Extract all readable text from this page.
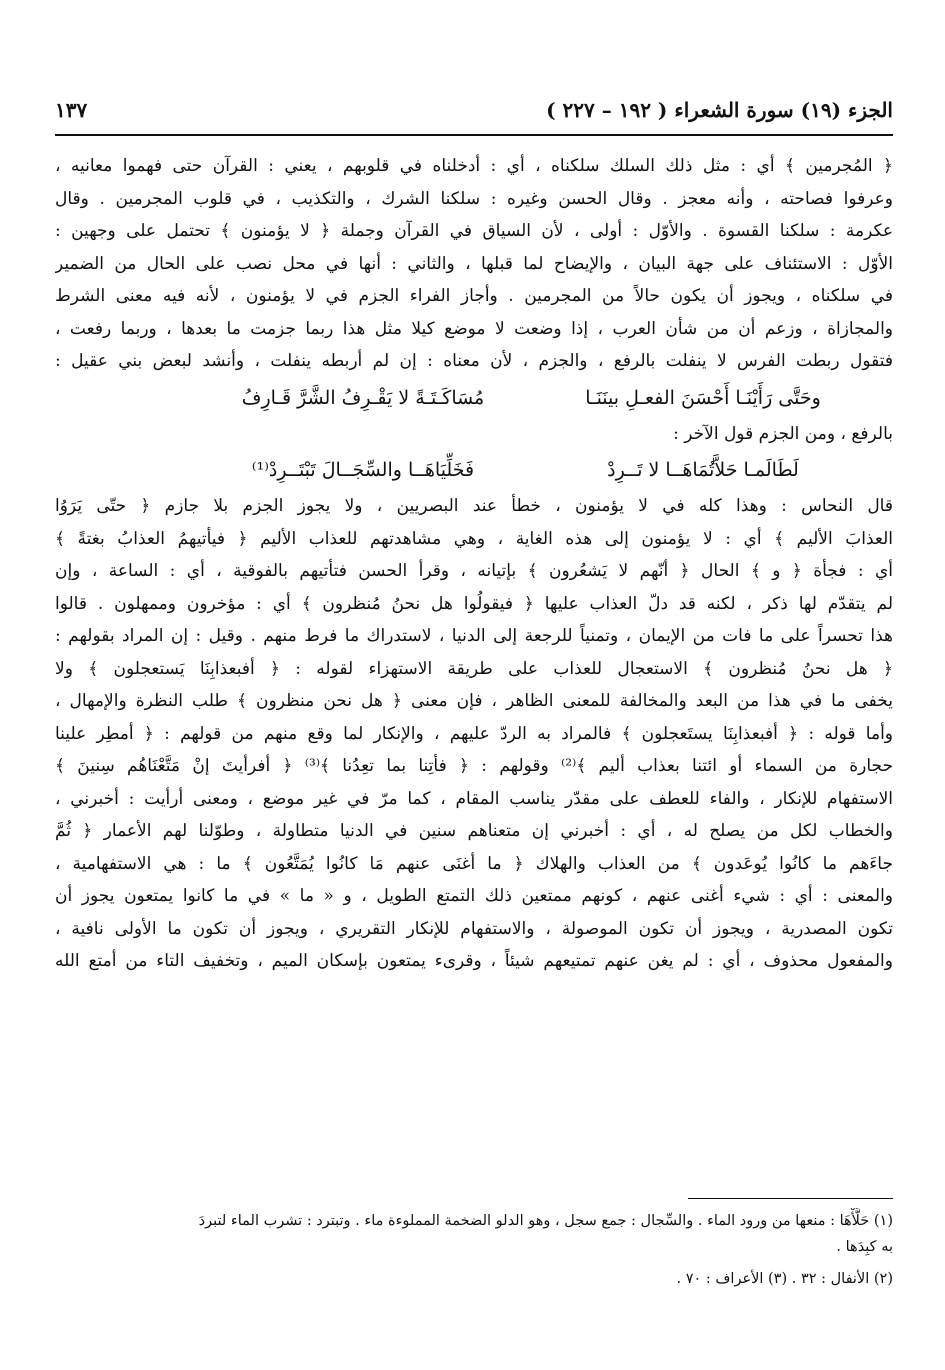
الجزء (١٩) سورة الشعراء ( ١٩٢ – ٢٢٧ )
١٣٧
﴿ المُجرمين ﴾ أي : مثل ذلك السلك سلكناه ، أي : أدخلناه في قلوبهم ، يعني : القرآن حتى فهموا معانيه ،
وعرفوا فصاحته ، وأنه معجز . وقال الحسن وغيره : سلكنا الشرك ، والتكذيب ، في قلوب المجرمين . وقال
عكرمة : سلكنا القسوة . والأوّل : أولى ، لأن السياق في القرآن وجملة ﴿ لا يؤمنون ﴾ تحتمل على وجهين :
الأوّل : الاستئناف على جهة البيان ، والإيضاح لما قبلها ، والثاني : أنها في محل نصب على الحال من الضمير
في سلكناه ، ويجوز أن يكون حالاً من المجرمين . وأجاز الفراء الجزم في لا يؤمنون ، لأنه فيه معنى الشرط
والمجازاة ، وزعم أن من شأن العرب ، إذا وضعت لا موضع كيلا مثل هذا ربما جزمت ما بعدها ، وربما رفعت ،
فتقول ربطت الفرس لا ينفلت بالرفع ، والجزم ، لأن معناه : إن لم أربطه ينفلت ، وأنشد لبعض بني عقيل :
وحَتَّى رَأَيْنَـا أَحْسَنَ الفعـلِ بينَنَـامُسَاكَـتَـةً لا يَقْـرِفُ الشَّرَّ قَـارِفُ
بالرفع ، ومن الجزم قول الآخر :
لَطَالَمـا حَلاَّتُمَاهَــا لا تَــرِدْفَخَلِّيَاهَــا والسِّجَــالَ تَبْتَــرِدْ⁽¹⁾
قال النحاس : وهذا كله في لا يؤمنون ، خطأ عند البصريين ، ولا يجوز الجزم بلا جازم ﴿ حتّى يَرَوُا
العذابَ الأليم ﴾ أي : لا يؤمنون إلى هذه الغاية ، وهي مشاهدتهم للعذاب الأليم ﴿ فيأتيهمُ العذابُ بغتةً ﴾
أي : فجأة ﴿ و ﴾ الحال ﴿ أنّهم لا يَشعُرون ﴾ بإتيانه ، وقرأ الحسن فتأتيهم بالفوقية ، أي : الساعة ، وإن
لم يتقدّم لها ذكر ، لكنه قد دلّ العذاب عليها ﴿ فيقولُوا هل نحنُ مُنظرون ﴾ أي : مؤخرون وممهلون . قالوا
هذا تحسراً على ما فات من الإيمان ، وتمنياً للرجعة إلى الدنيا ، لاستدراك ما فرط منهم . وقيل : إن المراد بقولهم :
﴿ هل نحنُ مُنظرون ﴾ الاستعجال للعذاب على طريقة الاستهزاء لقوله : ﴿ أفبعذابِنَا يَستعجلون ﴾ ولا
يخفى ما في هذا من البعد والمخالفة للمعنى الظاهر ، فإن معنى ﴿ هل نحن منظرون ﴾ طلب النظرة والإمهال ،
وأما قوله : ﴿ أفبعذابِنَا يستَعجلون ﴾ فالمراد به الردّ عليهم ، والإنكار لما وقع منهم من قولهم : ﴿ أمطِر علينا
حجارة من السماء أو ائتنا بعذاب أليم ﴾⁽²⁾ وقولهم : ﴿ فأتِنا بما تعِدُنا ﴾⁽³⁾ ﴿ أفرأيتَ إنْ مَتَّعْنَاهُم سِنينَ ﴾
الاستفهام للإنكار ، والفاء للعطف على مقدّر يناسب المقام ، كما مرّ في غير موضع ، ومعنى أرأيت : أخبرني ،
والخطاب لكل من يصلح له ، أي : أخبرني إن متعناهم سنين في الدنيا متطاولة ، وطوّلنا لهم الأعمار ﴿ ثُمَّ
جاءَهم ما كانُوا يُوعَدون ﴾ من العذاب والهلاك ﴿ ما أغنَى عنهم مَا كانُوا يُمَتَّعُون ﴾ ما : هي الاستفهامية ،
والمعنى : أي : شيء أغنى عنهم ، كونهم ممتعين ذلك التمتع الطويل ، و « ما » في ما كانوا يمتعون يجوز أن
تكون المصدرية ، ويجوز أن تكون الموصولة ، والاستفهام للإنكار التقريري ، ويجوز أن تكون ما الأولى نافية ،
والمفعول محذوف ، أي : لم يغن عنهم تمتيعهم شيئاً ، وقرىء يمتعون بإسكان الميم ، وتخفيف التاء من أمتع الله
(١) حَلَّأْهَا : منعها من ورود الماء . والسِّجال : جمع سجل ، وهو الدلو الضخمة المملوءة ماء . وتبترد : تشرب الماء لتبردَ
به كبِدَها .
(٢) الأنفال : ٣٢ . (٣) الأعراف : ٧٠ .
